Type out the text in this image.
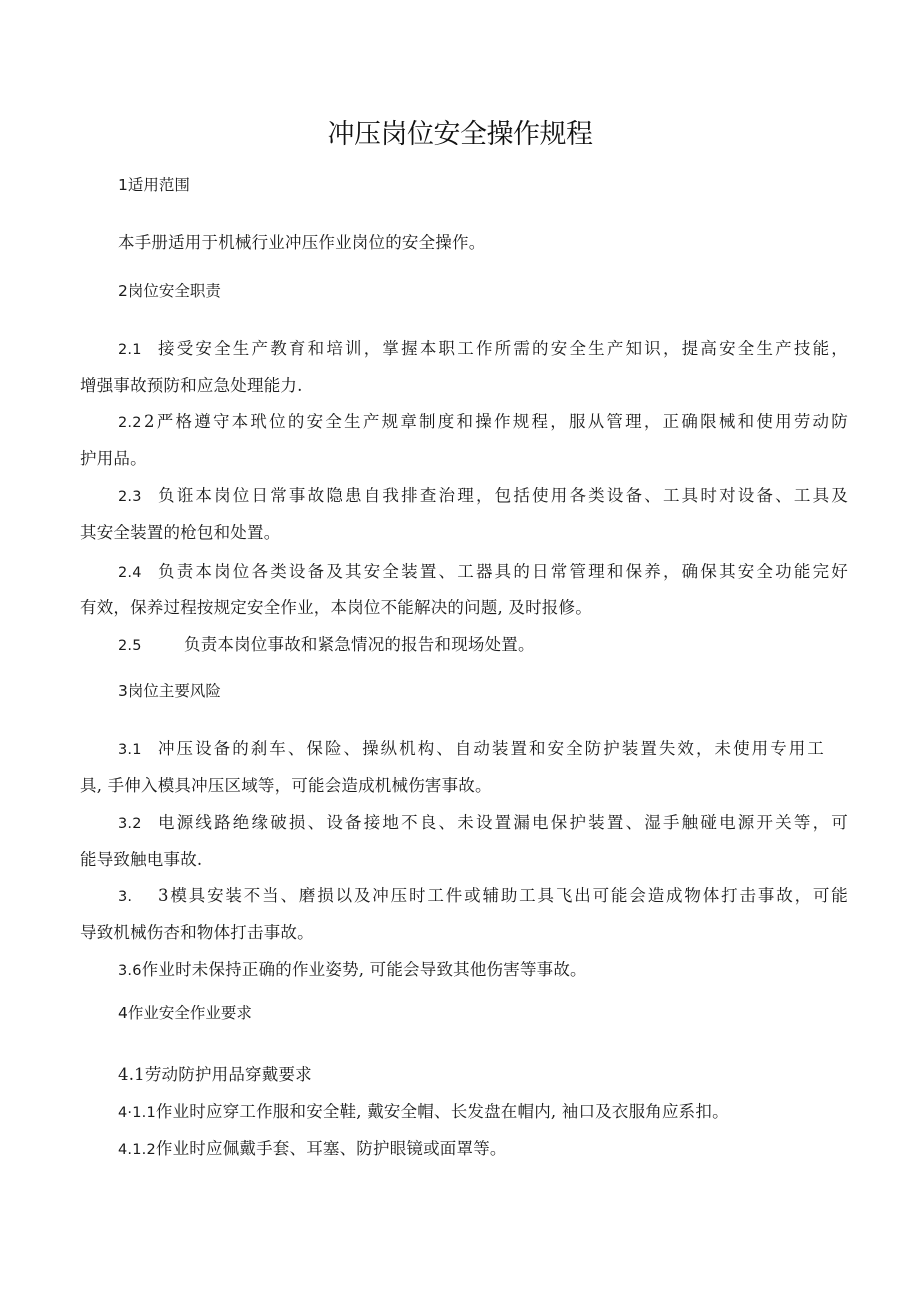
冲压岗位安全操作规程
1适用范围
本手册适用于机械行业冲压作业岗位的安全操作。
2岗位安全职责
2.1 接受安全生产教育和培训，掌握本职工作所需的安全生产知识，提高安全生产技能，
增强事故预防和应急处理能力.
2.2 2严格遵守本玳位的安全生产规章制度和操作规程，服从管理，正确限械和使用劳动防
护用品。
2.3 负诳本岗位日常事故隐患自我排查治理，包括使用各类设备、工具时对设备、工具及
其安全装置的枪包和处置。
2.4 负责本岗位各类设备及其安全装置、工器具的日常管理和保养，确保其安全功能完好
有效，保养过程按规定安全作业，本岗位不能解决的问题, 及时报修。
2.5	负责本岗位事故和紧急情况的报告和现场处置。
3岗位主要风险
3.1 冲压设备的刹车、保险、操纵机构、自动装置和安全防护装置失效，未使用专用工
具, 手伸入模具冲压区域等，可能会造成机械伤害事故。
3.2 电源线路绝缘破损、设备接地不良、未设置漏电保护装置、湿手触碰电源开关等，可
能导致触电事故.
3. 3模具安装不当、磨损以及冲压时工件或辅助工具飞出可能会造成物体打击事故，可能
导致机械伤杏和物体打击事故。
3.6作业时未保持正确的作业姿势, 可能会导致其他伤害等事故。
4作业安全作业要求
4.1劳动防护用品穿戴要求
4·1.1作业时应穿工作服和安全鞋, 戴安全帽、长发盘在帽内, 袖口及衣服角应系扣。
4.1.2作业时应佩戴手套、耳塞、防护眼镜或面罩等。
